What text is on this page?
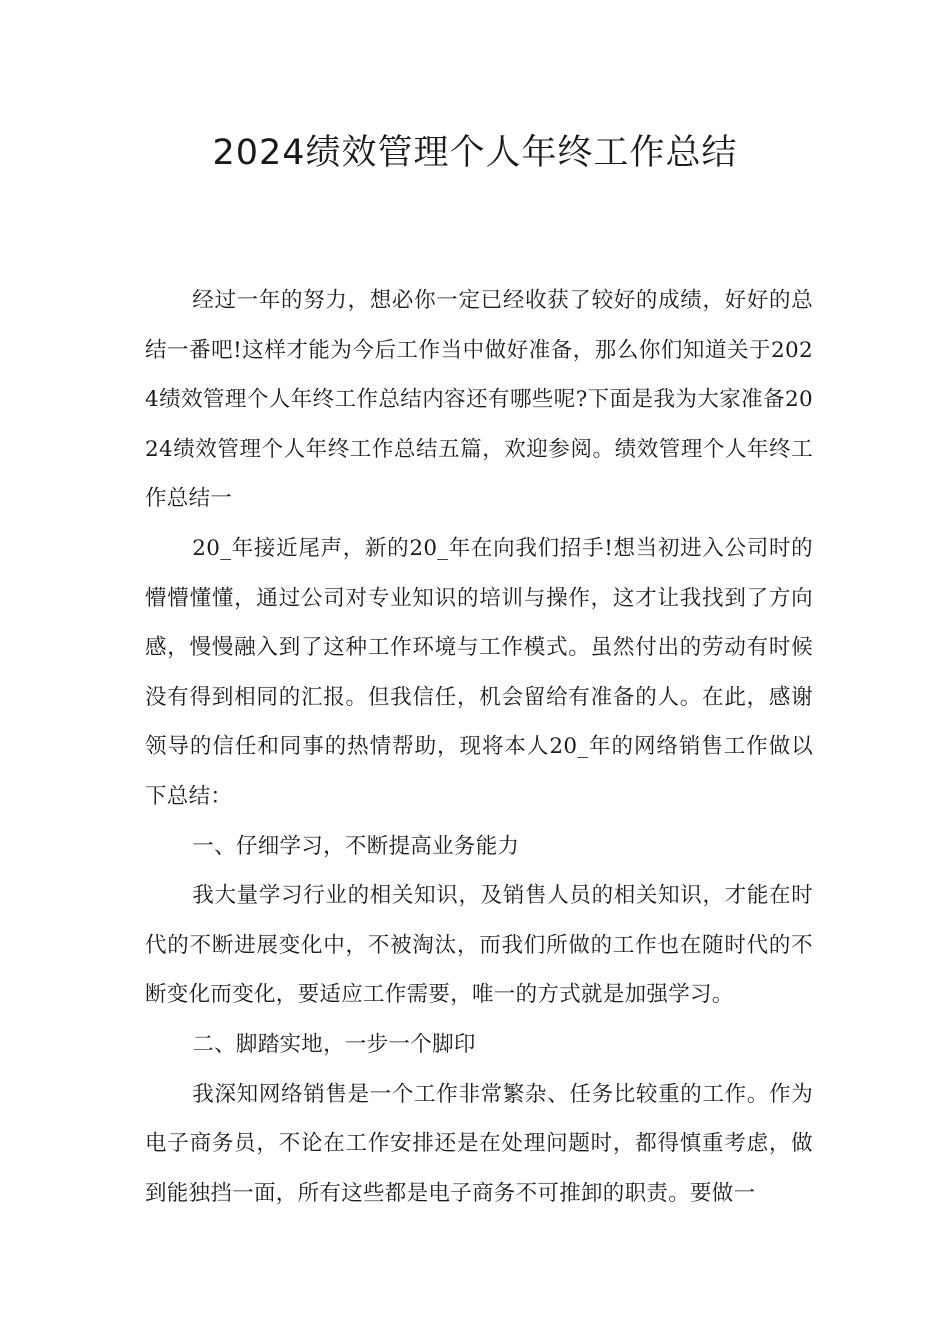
2024绩效管理个人年终工作总结

经过一年的努力，想必你一定已经收获了较好的成绩，好好的总结一番吧!这样才能为今后工作当中做好准备，那么你们知道关于2024绩效管理个人年终工作总结内容还有哪些呢?下面是我为大家准备2024绩效管理个人年终工作总结五篇，欢迎参阅。绩效管理个人年终工作总结一

20_年接近尾声，新的20_年在向我们招手!想当初进入公司时的懵懵懂懂，通过公司对专业知识的培训与操作，这才让我找到了方向感，慢慢融入到了这种工作环境与工作模式。虽然付出的劳动有时候没有得到相同的汇报。但我信任，机会留给有准备的人。在此，感谢领导的信任和同事的热情帮助，现将本人20_年的网络销售工作做以下总结：

一、仔细学习，不断提高业务能力

我大量学习行业的相关知识，及销售人员的相关知识，才能在时代的不断进展变化中，不被淘汰，而我们所做的工作也在随时代的不断变化而变化，要适应工作需要，唯一的方式就是加强学习。

二、脚踏实地，一步一个脚印

我深知网络销售是一个工作非常繁杂、任务比较重的工作。作为电子商务员，不论在工作安排还是在处理问题时，都得慎重考虑，做到能独挡一面，所有这些都是电子商务不可推卸的职责。要做一
